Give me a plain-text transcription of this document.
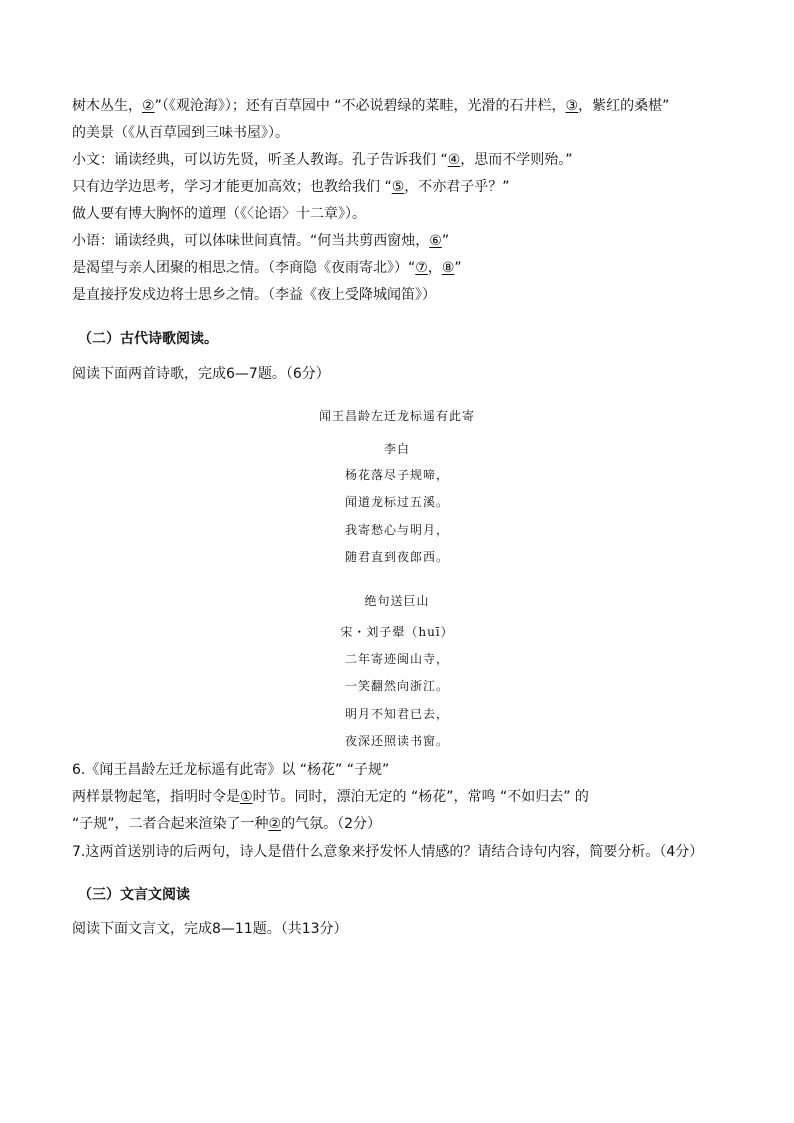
树木丛生，②”（《观沧海》）；还有百草园中 “不必说碧绿的菜畦，光滑的石井栏，③，紫红的桑椹”
的美景（《从百草园到三味书屋》）。
小文：诵读经典，可以访先贤，听圣人教诲。孔子告诉我们 “④，思而不学则殆。”
只有边学边思考，学习才能更加高效；也教给我们 “⑤，不亦君子乎？”
做人要有博大胸怀的道理（《〈论语〉十二章》）。
小语：诵读经典，可以体味世间真情。“何当共剪西窗烛，⑥”
是渴望与亲人团聚的相思之情。（李商隐《夜雨寄北》）“⑦，⑧”
是直接抒发戍边将士思乡之情。（李益《夜上受降城闻笛》）
（二）古代诗歌阅读。
阅读下面两首诗歌，完成6—7题。（6分）
闻王昌龄左迁龙标遥有此寄
李白
杨花落尽子规啼，
闻道龙标过五溪。
我寄愁心与明月，
随君直到夜郎西。
绝句送巨山
宋・刘子翚（huī）
二年寄迹闽山寺，
一笑翻然向浙江。
明月不知君已去，
夜深还照读书窗。
6.《闻王昌龄左迁龙标遥有此寄》以 “杨花” “子规”
两样景物起笔，指明时令是①时节。同时，漂泊无定的 “杨花”，常鸣 “不如归去” 的
“子规”，二者合起来渲染了一种②的气氛。（2分）
7.这两首送别诗的后两句，诗人是借什么意象来抒发怀人情感的？请结合诗句内容，简要分析。（4分）
（三）文言文阅读
阅读下面文言文，完成8—11题。（共13分）
